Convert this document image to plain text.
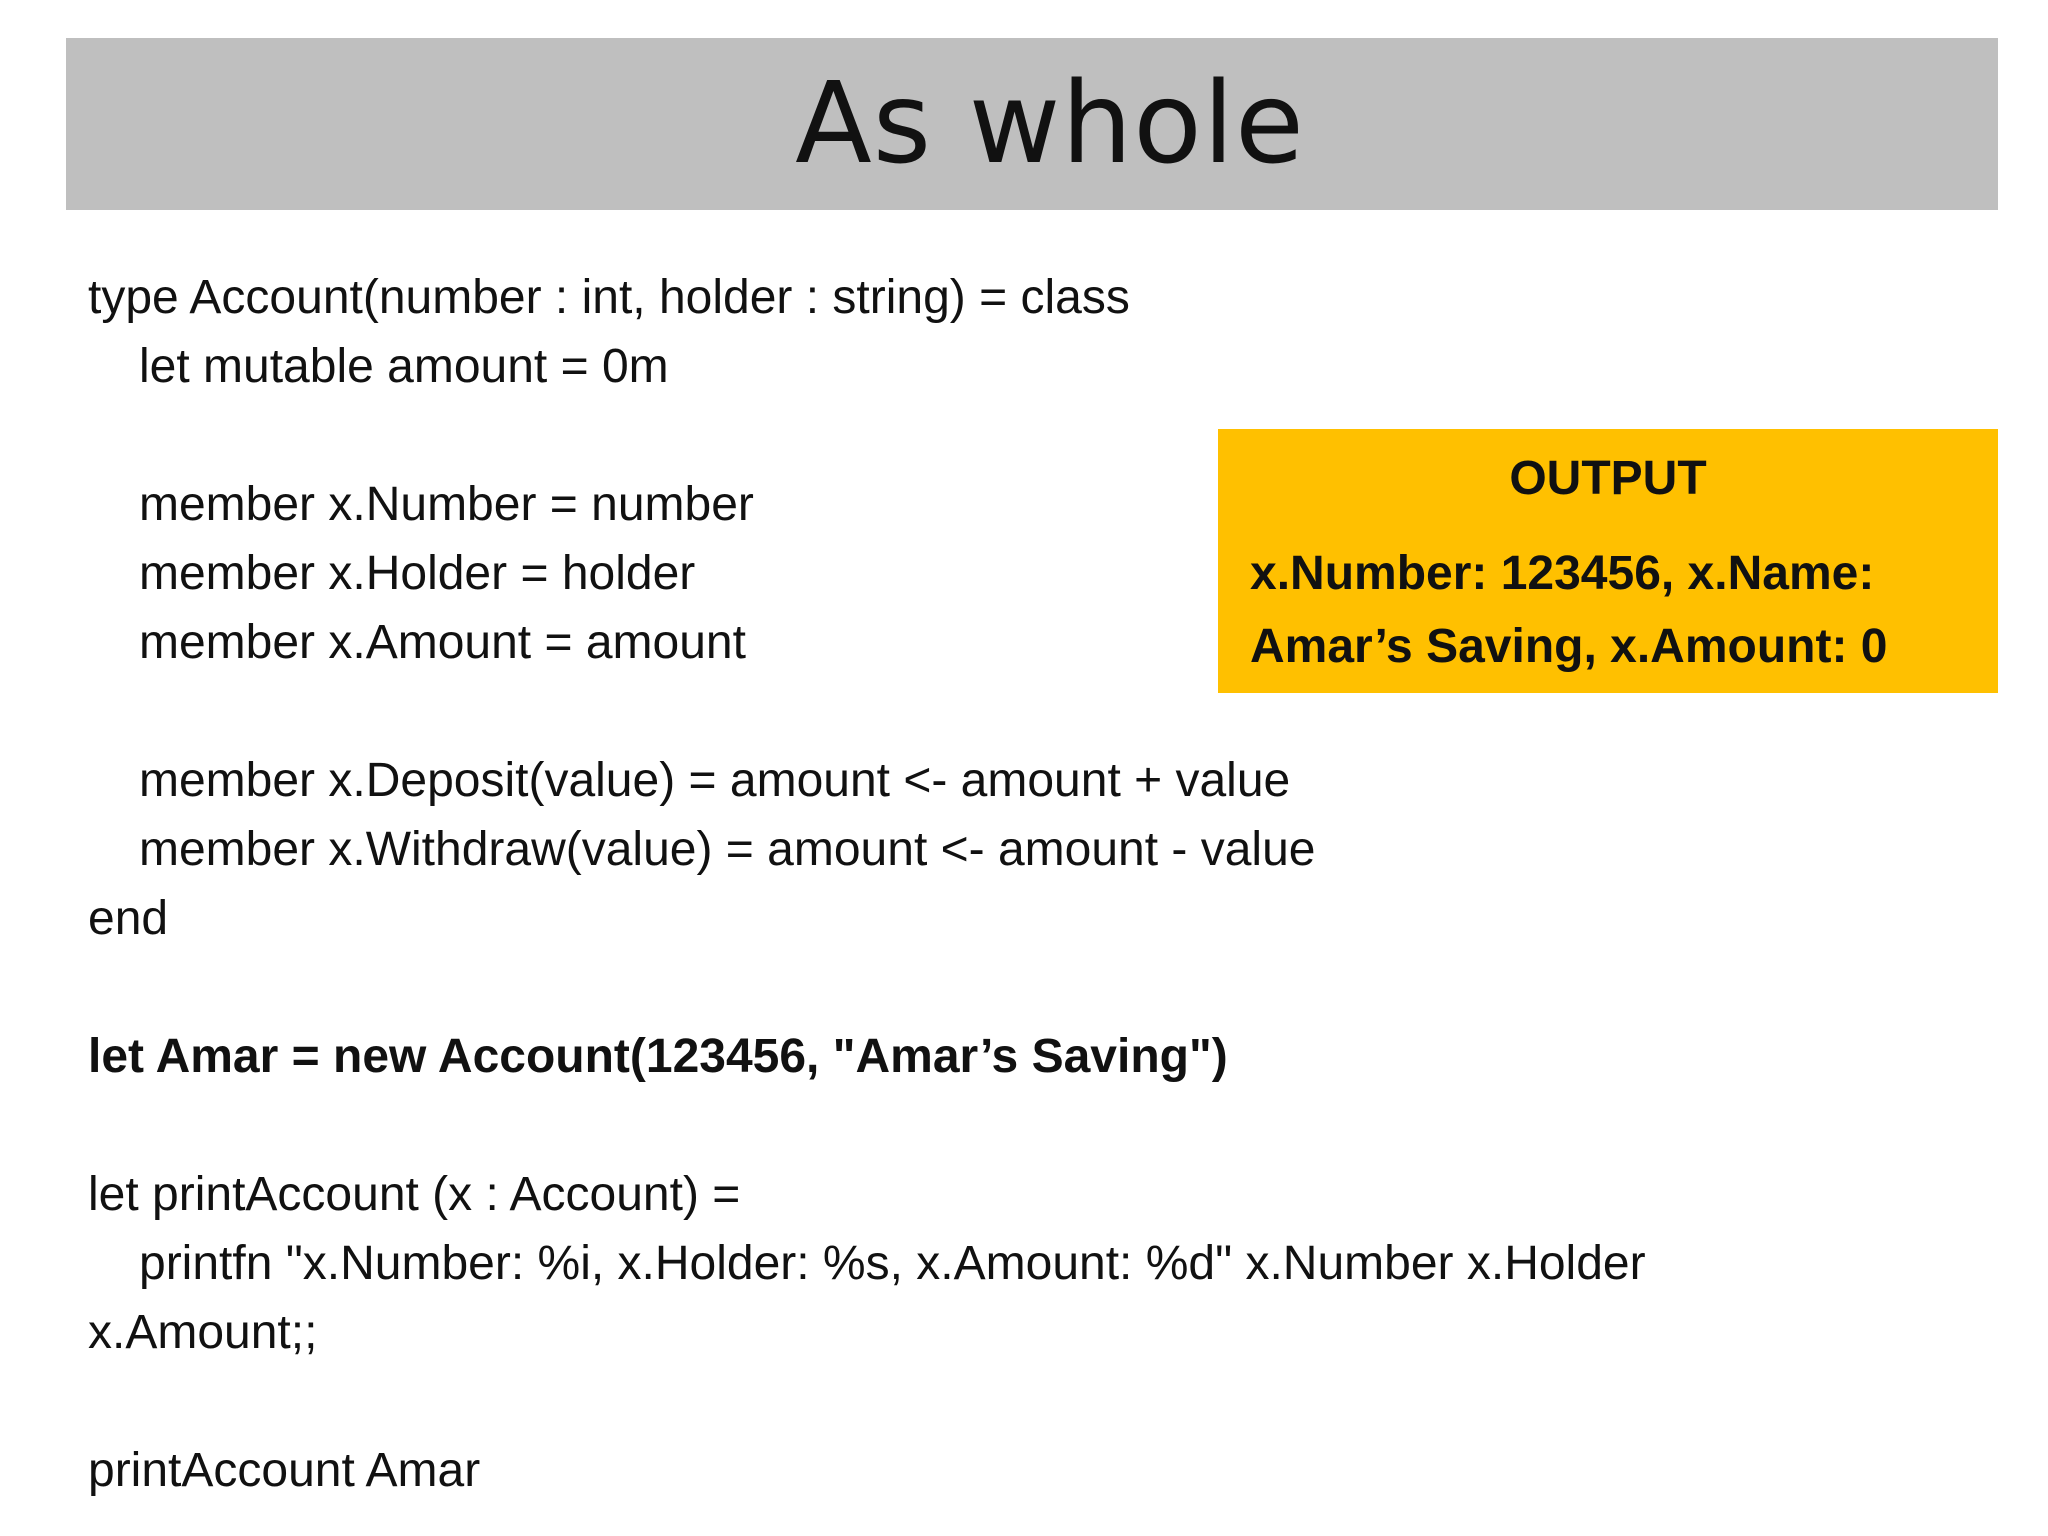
As whole
type Account(number : int, holder : string) = class
let mutable amount = 0m
member x.Number = number
member x.Holder = holder
member x.Amount = amount
member x.Deposit(value) = amount <- amount + value
member x.Withdraw(value) = amount <- amount - value
end
let Amar = new Account(123456, "Amar’s Saving")
let printAccount (x : Account) =
printfn "x.Number: %i, x.Holder: %s, x.Amount: %d" x.Number x.Holder
x.Amount;;
printAccount Amar
OUTPUT
x.Number: 123456, x.Name:
Amar’s Saving, x.Amount: 0
